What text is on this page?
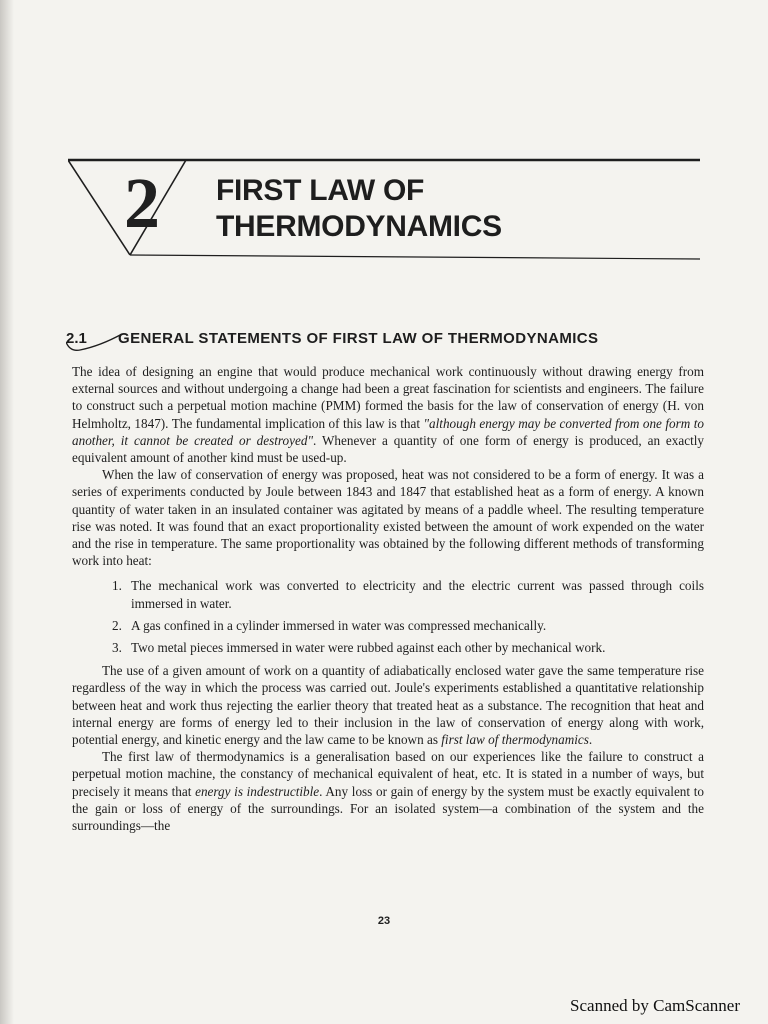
2	FIRST LAW OF
THERMODYNAMICS
2.1	GENERAL STATEMENTS OF FIRST LAW OF THERMODYNAMICS

The idea of designing an engine that would produce mechanical work continuously without drawing energy from external sources and without undergoing a change had been a great fascination for scientists and engineers. The failure to construct such a perpetual motion machine (PMM) formed the basis for the law of conservation of energy (H. von Helmholtz, 1847). The fundamental implication of this law is that "although energy may be converted from one form to another, it cannot be created or destroyed". Whenever a quantity of one form of energy is produced, an exactly equivalent amount of another kind must be used-up.

When the law of conservation of energy was proposed, heat was not considered to be a form of energy. It was a series of experiments conducted by Joule between 1843 and 1847 that established heat as a form of energy. A known quantity of water taken in an insulated container was agitated by means of a paddle wheel. The resulting temperature rise was noted. It was found that an exact proportionality existed between the amount of work expended on the water and the rise in temperature. The same proportionality was obtained by the following different methods of transforming work into heat:

1. The mechanical work was converted to electricity and the electric current was passed through coils immersed in water.
2. A gas confined in a cylinder immersed in water was compressed mechanically.
3. Two metal pieces immersed in water were rubbed against each other by mechanical work.

The use of a given amount of work on a quantity of adiabatically enclosed water gave the same temperature rise regardless of the way in which the process was carried out. Joule's experiments established a quantitative relationship between heat and work thus rejecting the earlier theory that treated heat as a substance. The recognition that heat and internal energy are forms of energy led to their inclusion in the law of conservation of energy along with work, potential energy, and kinetic energy and the law came to be known as first law of thermodynamics.

The first law of thermodynamics is a generalisation based on our experiences like the failure to construct a perpetual motion machine, the constancy of mechanical equivalent of heat, etc. It is stated in a number of ways, but precisely it means that energy is indestructible. Any loss or gain of energy by the system must be exactly equivalent to the gain or loss of energy of the surroundings. For an isolated system—a combination of the system and the surroundings—the

23
Scanned by CamScanner
